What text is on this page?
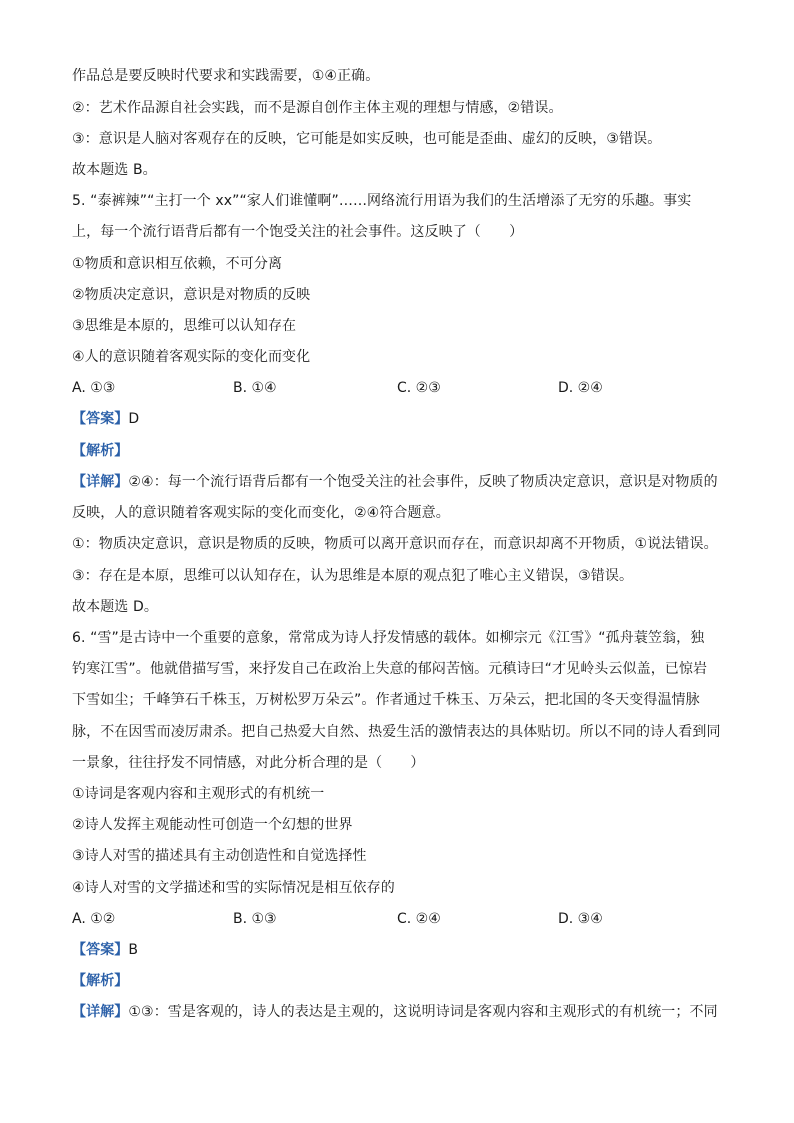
作品总是要反映时代要求和实践需要，①④正确。
②：艺术作品源自社会实践，而不是源自创作主体主观的理想与情感，②错误。
③：意识是人脑对客观存在的反映，它可能是如实反映，也可能是歪曲、虚幻的反映，③错误。
故本题选 B。
5. “泰裤辣”“主打一个 xx”“家人们谁懂啊”……网络流行用语为我们的生活增添了无穷的乐趣。事实
上，每一个流行语背后都有一个饱受关注的社会事件。这反映了（　　）
①物质和意识相互依赖，不可分离
②物质决定意识，意识是对物质的反映
③思维是本原的，思维可以认知存在
④人的意识随着客观实际的变化而变化
A. ①③	B. ①④	C. ②③	D. ②④
【答案】D
【解析】
【详解】②④：每一个流行语背后都有一个饱受关注的社会事件，反映了物质决定意识，意识是对物质的
反映，人的意识随着客观实际的变化而变化，②④符合题意。
①：物质决定意识，意识是物质的反映，物质可以离开意识而存在，而意识却离不开物质，①说法错误。
③：存在是本原，思维可以认知存在，认为思维是本原的观点犯了唯心主义错误，③错误。
故本题选 D。
6. “雪”是古诗中一个重要的意象，常常成为诗人抒发情感的载体。如柳宗元《江雪》“孤舟蓑笠翁，独
钓寒江雪”。他就借描写雪，来抒发自己在政治上失意的郁闷苦恼。元稹诗曰“才见岭头云似盖，已惊岩
下雪如尘；千峰笋石千株玉，万树松罗万朵云”。作者通过千株玉、万朵云，把北国的冬天变得温情脉
脉，不在因雪而凌厉肃杀。把自己热爱大自然、热爱生活的激情表达的具体贴切。所以不同的诗人看到同
一景象，往往抒发不同情感，对此分析合理的是（　　）
①诗词是客观内容和主观形式的有机统一
②诗人发挥主观能动性可创造一个幻想的世界
③诗人对雪的描述具有主动创造性和自觉选择性
④诗人对雪的文学描述和雪的实际情况是相互依存的
A. ①②	B. ①③	C. ②④	D. ③④
【答案】B
【解析】
【详解】①③：雪是客观的，诗人的表达是主观的，这说明诗词是客观内容和主观形式的有机统一；不同
